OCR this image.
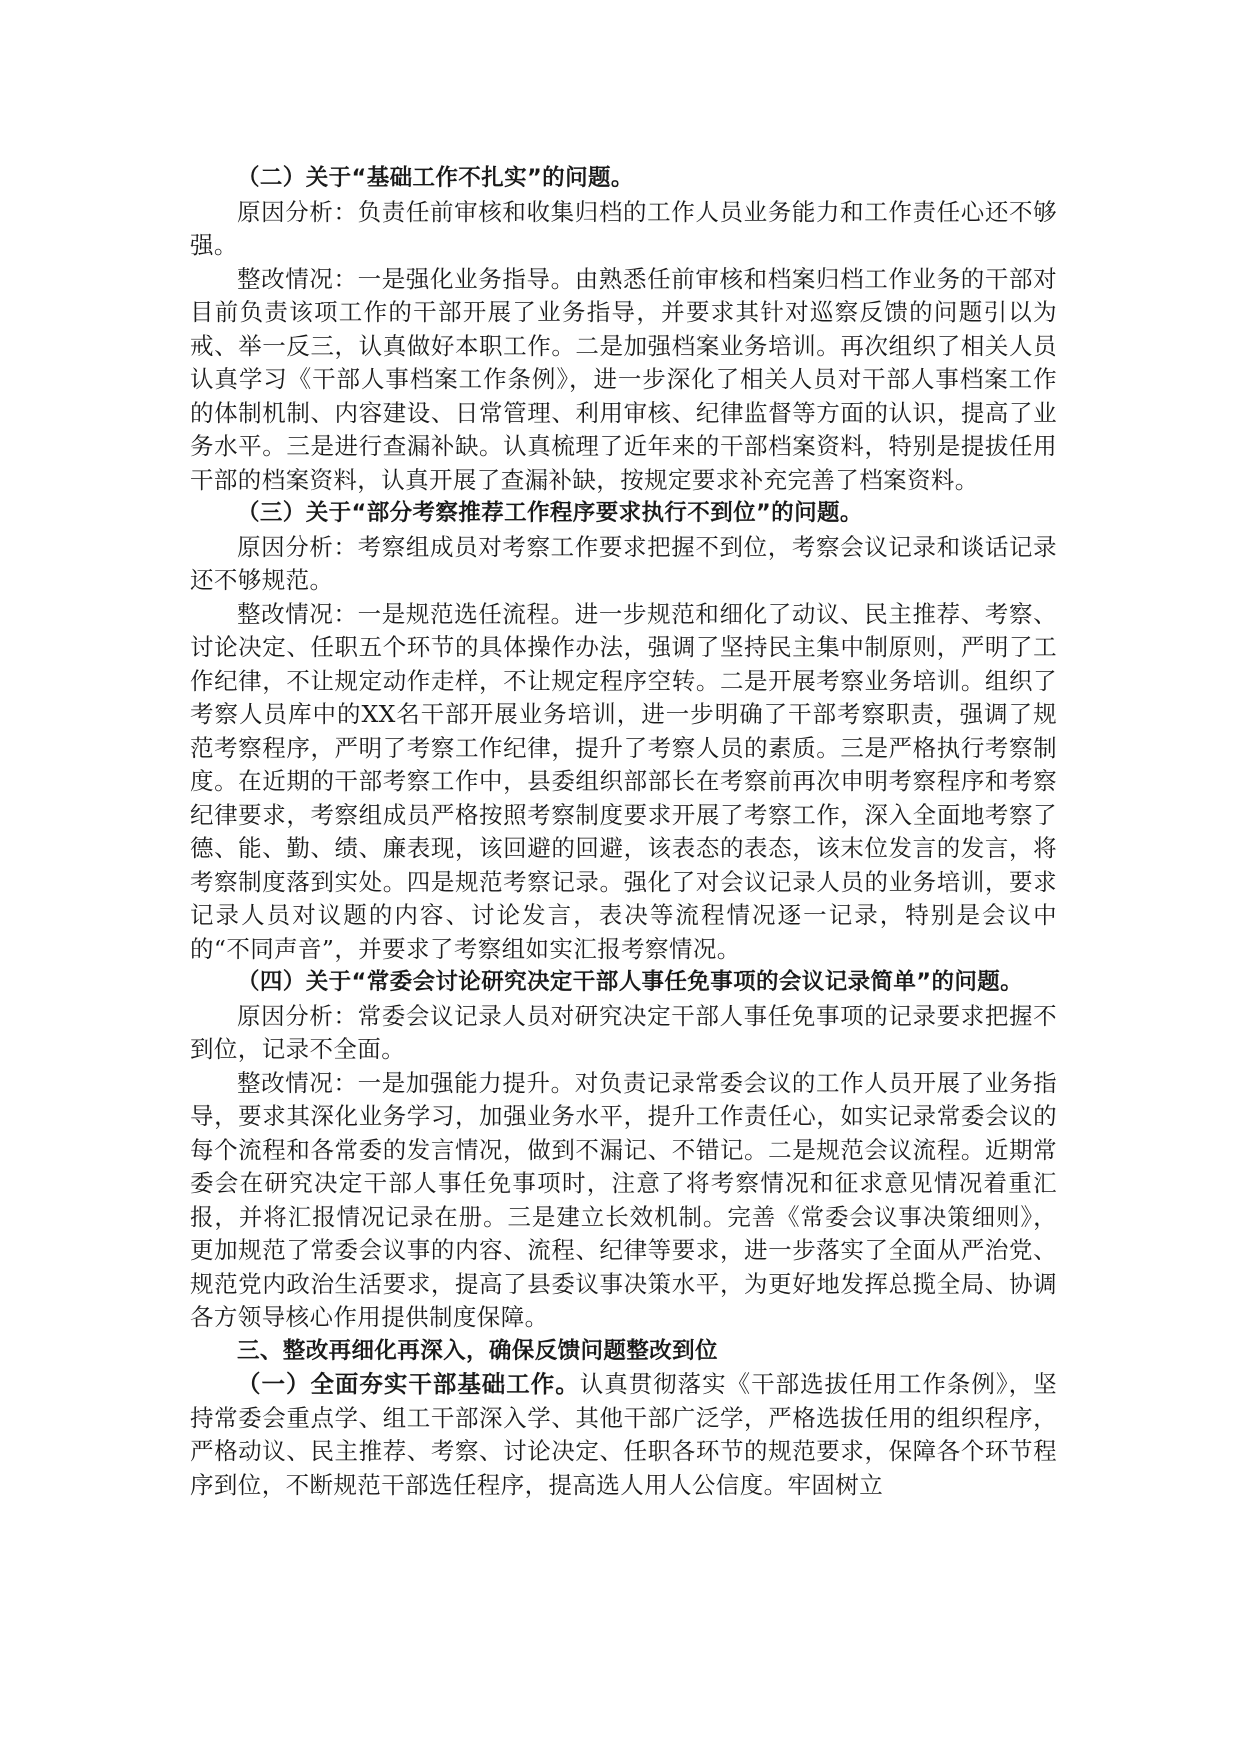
（二）关于“基础工作不扎实”的问题。

原因分析：负责任前审核和收集归档的工作人员业务能力和工作责任心还不够强。

整改情况：一是强化业务指导。由熟悉任前审核和档案归档工作业务的干部对目前负责该项工作的干部开展了业务指导，并要求其针对巡察反馈的问题引以为戒、举一反三，认真做好本职工作。二是加强档案业务培训。再次组织了相关人员认真学习《干部人事档案工作条例》，进一步深化了相关人员对干部人事档案工作的体制机制、内容建设、日常管理、利用审核、纪律监督等方面的认识，提高了业务水平。三是进行查漏补缺。认真梳理了近年来的干部档案资料，特别是提拔任用干部的档案资料，认真开展了查漏补缺，按规定要求补充完善了档案资料。

（三）关于“部分考察推荐工作程序要求执行不到位”的问题。

原因分析：考察组成员对考察工作要求把握不到位，考察会议记录和谈话记录还不够规范。

整改情况：一是规范选任流程。进一步规范和细化了动议、民主推荐、考察、讨论决定、任职五个环节的具体操作办法，强调了坚持民主集中制原则，严明了工作纪律，不让规定动作走样，不让规定程序空转。二是开展考察业务培训。组织了考察人员库中的XX名干部开展业务培训，进一步明确了干部考察职责，强调了规范考察程序，严明了考察工作纪律，提升了考察人员的素质。三是严格执行考察制度。在近期的干部考察工作中，县委组织部部长在考察前再次申明考察程序和考察纪律要求，考察组成员严格按照考察制度要求开展了考察工作，深入全面地考察了德、能、勤、绩、廉表现，该回避的回避，该表态的表态，该末位发言的发言，将考察制度落到实处。四是规范考察记录。强化了对会议记录人员的业务培训，要求记录人员对议题的内容、讨论发言，表决等流程情况逐一记录，特别是会议中的“不同声音”，并要求了考察组如实汇报考察情况。

（四）关于“常委会讨论研究决定干部人事任免事项的会议记录简单”的问题。

原因分析：常委会议记录人员对研究决定干部人事任免事项的记录要求把握不到位，记录不全面。

整改情况：一是加强能力提升。对负责记录常委会议的工作人员开展了业务指导，要求其深化业务学习，加强业务水平，提升工作责任心，如实记录常委会议的每个流程和各常委的发言情况，做到不漏记、不错记。二是规范会议流程。近期常委会在研究决定干部人事任免事项时，注意了将考察情况和征求意见情况着重汇报，并将汇报情况记录在册。三是建立长效机制。完善《常委会议事决策细则》，更加规范了常委会议事的内容、流程、纪律等要求，进一步落实了全面从严治党、规范党内政治生活要求，提高了县委议事决策水平，为更好地发挥总揽全局、协调各方领导核心作用提供制度保障。

三、整改再细化再深入，确保反馈问题整改到位

（一）全面夯实干部基础工作。认真贯彻落实《干部选拔任用工作条例》，坚持常委会重点学、组工干部深入学、其他干部广泛学，严格选拔任用的组织程序，严格动议、民主推荐、考察、讨论决定、任职各环节的规范要求，保障各个环节程序到位，不断规范干部选任程序，提高选人用人公信度。牢固树立
